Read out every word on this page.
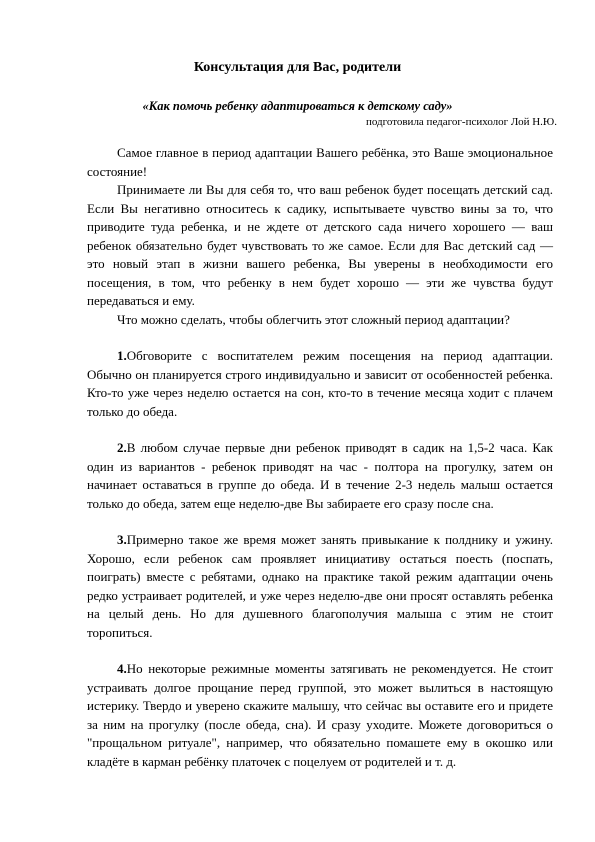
Консультация для Вас, родители
«Как помочь ребенку адаптироваться к детскому саду»
подготовила педагог-психолог Лой Н.Ю.

Самое главное в период адаптации Вашего ребёнка, это Ваше эмоциональное состояние!

Принимаете ли Вы для себя то, что ваш ребенок будет посещать детский сад. Если Вы негативно относитесь к садику, испытываете чувство вины за то, что приводите туда ребенка, и не ждете от детского сада ничего хорошего — ваш ребенок обязательно будет чувствовать то же самое. Если для Вас детский сад — это новый этап в жизни вашего ребенка, Вы уверены в необходимости его посещения, в том, что ребенку в нем будет хорошо — эти же чувства будут передаваться и ему.

Что можно сделать, чтобы облегчить этот сложный период адаптации?

1.Обговорите с воспитателем режим посещения на период адаптации. Обычно он планируется строго индивидуально и зависит от особенностей ребенка. Кто-то уже через неделю остается на сон, кто-то в течение месяца ходит с плачем только до обеда.

2.В любом случае первые дни ребенок приводят в садик на 1,5-2 часа. Как один из вариантов - ребенок приводят на час - полтора на прогулку, затем он начинает оставаться в группе до обеда. И в течение 2-3 недель малыш остается только до обеда, затем еще неделю-две Вы забираете его сразу после сна.

3.Примерно такое же время может занять привыкание к полднику и ужину. Хорошо, если ребенок сам проявляет инициативу остаться поесть (поспать, поиграть) вместе с ребятами, однако на практике такой режим адаптации очень редко устраивает родителей, и уже через неделю-две они просят оставлять ребенка на целый день. Но для душевного благополучия малыша с этим не стоит торопиться.

4.Но некоторые режимные моменты затягивать не рекомендуется. Не стоит устраивать долгое прощание перед группой, это может вылиться в настоящую истерику. Твердо и уверено скажите малышу, что сейчас вы оставите его и придете за ним на прогулку (после обеда, сна). И сразу уходите. Можете договориться о "прощальном ритуале", например, что обязательно помашете ему в окошко или кладёте в карман ребёнку платочек с поцелуем от родителей и т. д.
